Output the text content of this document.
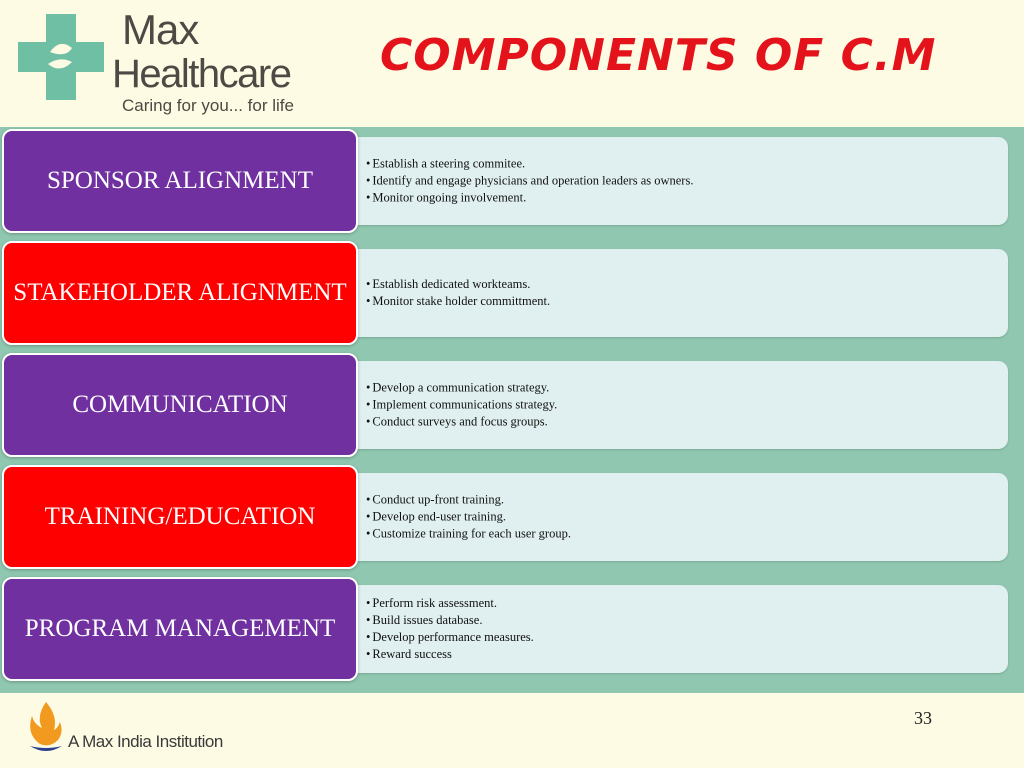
Max
Healthcare
Caring for you... for life
COMPONENTS OF C.M
• Establish a steering commitee.
• Identify and engage physicians and operation leaders as owners.
• Monitor ongoing involvement.
SPONSOR ALIGNMENT
• Establish dedicated workteams.
• Monitor stake holder committment.
STAKEHOLDER ALIGNMENT
• Develop a communication strategy.
• Implement communications strategy.
• Conduct surveys and focus groups.
COMMUNICATION
• Conduct up-front training.
• Develop end-user training.
• Customize training for each user group.
TRAINING/EDUCATION
• Perform risk assessment.
• Build issues database.
• Develop performance measures.
• Reward success
PROGRAM MANAGEMENT
A Max India Institution
33
